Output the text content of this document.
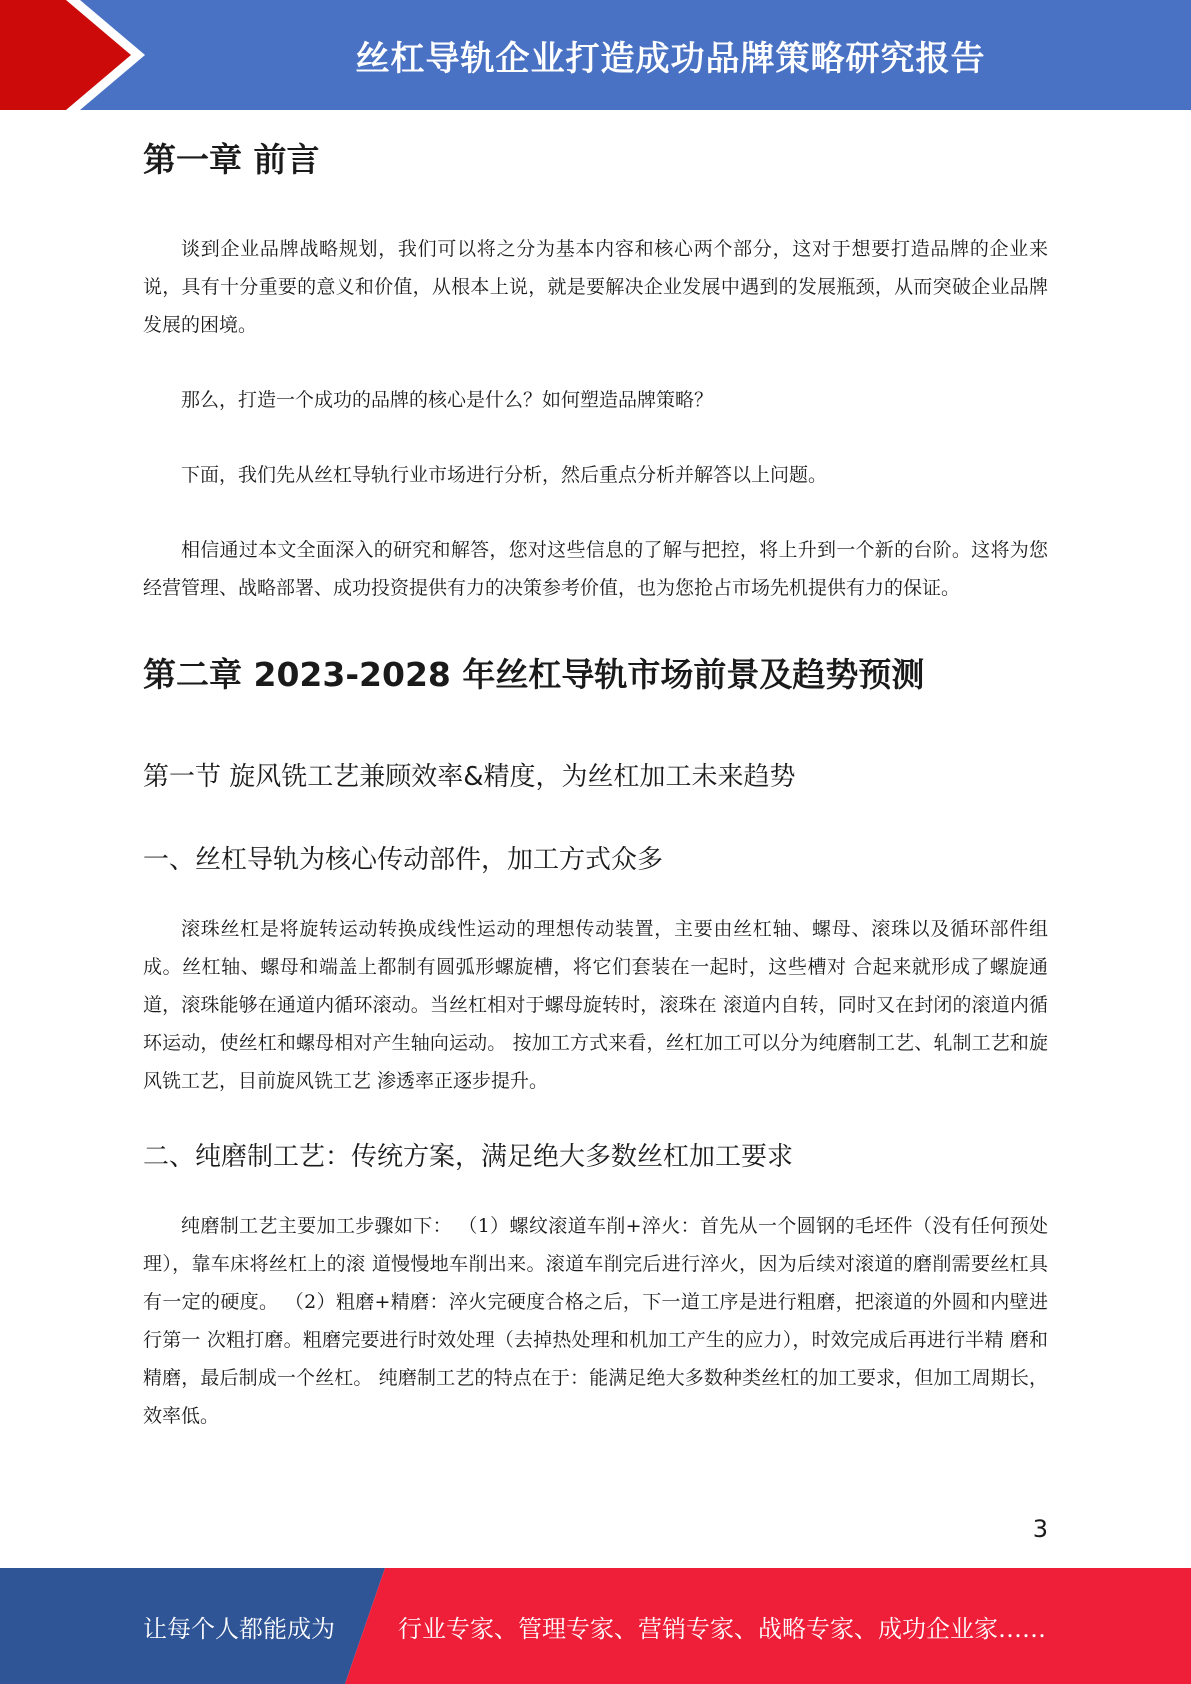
丝杠导轨企业打造成功品牌策略研究报告
第一章 前言

谈到企业品牌战略规划，我们可以将之分为基本内容和核心两个部分，这对于想要打造品牌的企业来说，具有十分重要的意义和价值，从根本上说，就是要解决企业发展中遇到的发展瓶颈，从而突破企业品牌发展的困境。

那么，打造一个成功的品牌的核心是什么？如何塑造品牌策略？

下面，我们先从丝杠导轨行业市场进行分析，然后重点分析并解答以上问题。

相信通过本文全面深入的研究和解答，您对这些信息的了解与把控，将上升到一个新的台阶。这将为您经营管理、战略部署、成功投资提供有力的决策参考价值，也为您抢占市场先机提供有力的保证。

第二章 2023-2028 年丝杠导轨市场前景及趋势预测
第一节 旋风铣工艺兼顾效率&精度，为丝杠加工未来趋势
一、丝杠导轨为核心传动部件，加工方式众多

滚珠丝杠是将旋转运动转换成线性运动的理想传动装置，主要由丝杠轴、螺母、滚珠以及循环部件组成。丝杠轴、螺母和端盖上都制有圆弧形螺旋槽，将它们套装在一起时，这些槽对 合起来就形成了螺旋通道，滚珠能够在通道内循环滚动。当丝杠相对于螺母旋转时，滚珠在 滚道内自转，同时又在封闭的滚道内循环运动，使丝杠和螺母相对产生轴向运动。 按加工方式来看，丝杠加工可以分为纯磨制工艺、轧制工艺和旋风铣工艺，目前旋风铣工艺 渗透率正逐步提升。

二、纯磨制工艺：传统方案，满足绝大多数丝杠加工要求

纯磨制工艺主要加工步骤如下： （1）螺纹滚道车削+淬火：首先从一个圆钢的毛坯件（没有任何预处理），靠车床将丝杠上的滚 道慢慢地车削出来。滚道车削完后进行淬火，因为后续对滚道的磨削需要丝杠具有一定的硬度。 （2）粗磨+精磨：淬火完硬度合格之后，下一道工序是进行粗磨，把滚道的外圆和内壁进行第一 次粗打磨。粗磨完要进行时效处理（去掉热处理和机加工产生的应力），时效完成后再进行半精 磨和精磨，最后制成一个丝杠。 纯磨制工艺的特点在于：能满足绝大多数种类丝杠的加工要求，但加工周期长，效率低。

3
让每个人都能成为	行业专家、管理专家、营销专家、战略专家、成功企业家……
